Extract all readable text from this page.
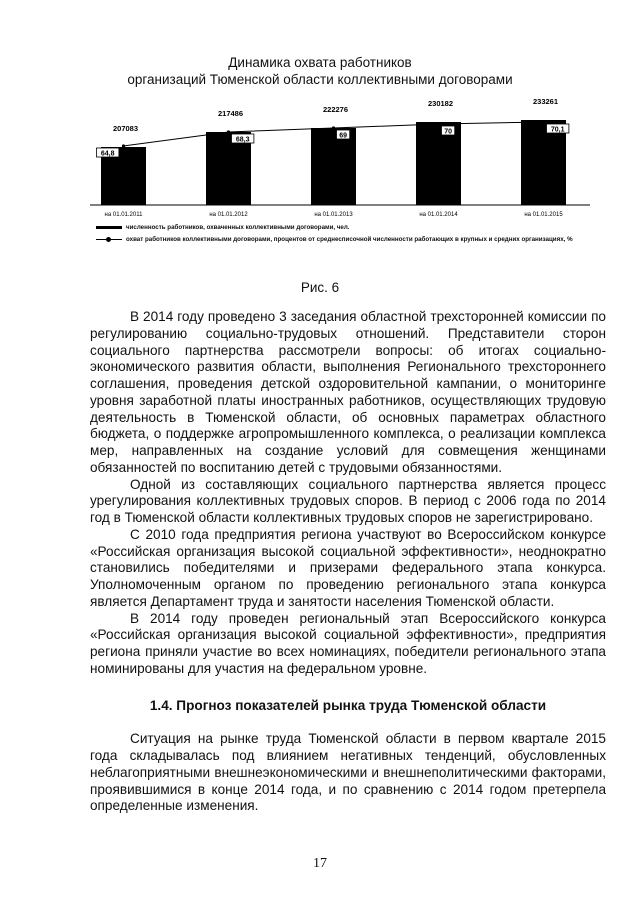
Динамика охвата работников
организаций Тюменской области коллективными договорами
207083
на 01.01.2011
217486
на 01.01.2012
222276
на 01.01.2013
230182
на 01.01.2014
233261
на 01.01.2015
64,8
68,3
69
70	70,1
численность работников, охваченных коллективными договорами, чел.
охват работников коллективными договорами, процентов от среднесписочной численности работающих в крупных и средних организациях, %
Рис. 6

В 2014 году проведено 3 заседания областной трехсторонней комиссии по регулированию социально-трудовых отношений. Представители сторон социального партнерства рассмотрели вопросы: об итогах социально-экономического развития области, выполнения Регионального трехстороннего соглашения, проведения детской оздоровительной кампании, о мониторинге уровня заработной платы иностранных работников, осуществляющих трудовую деятельность в Тюменской области, об основных параметрах областного бюджета, о поддержке агропромышленного комплекса, о реализации комплекса мер, направленных на создание условий для совмещения женщинами обязанностей по воспитанию детей с трудовыми обязанностями.

Одной из составляющих социального партнерства является процесс урегулирования коллективных трудовых споров. В период с 2006 года по 2014 год в Тюменской области коллективных трудовых споров не зарегистрировано.

С 2010 года предприятия региона участвуют во Всероссийском конкурсе «Российская организация высокой социальной эффективности», неоднократно становились победителями и призерами федерального этапа конкурса. Уполномоченным органом по проведению регионального этапа конкурса является Департамент труда и занятости населения Тюменской области.

В 2014 году проведен региональный этап Всероссийского конкурса «Российская организация высокой социальной эффективности», предприятия региона приняли участие во всех номинациях, победители регионального этапа номинированы для участия на федеральном уровне.

1.4. Прогноз показателей рынка труда Тюменской области

Ситуация на рынке труда Тюменской области в первом квартале 2015 года складывалась под влиянием негативных тенденций, обусловленных неблагоприятными внешнеэкономическими и внешнеполитическими факторами, проявившимися в конце 2014 года, и по сравнению с 2014 годом претерпела определенные изменения.

17
